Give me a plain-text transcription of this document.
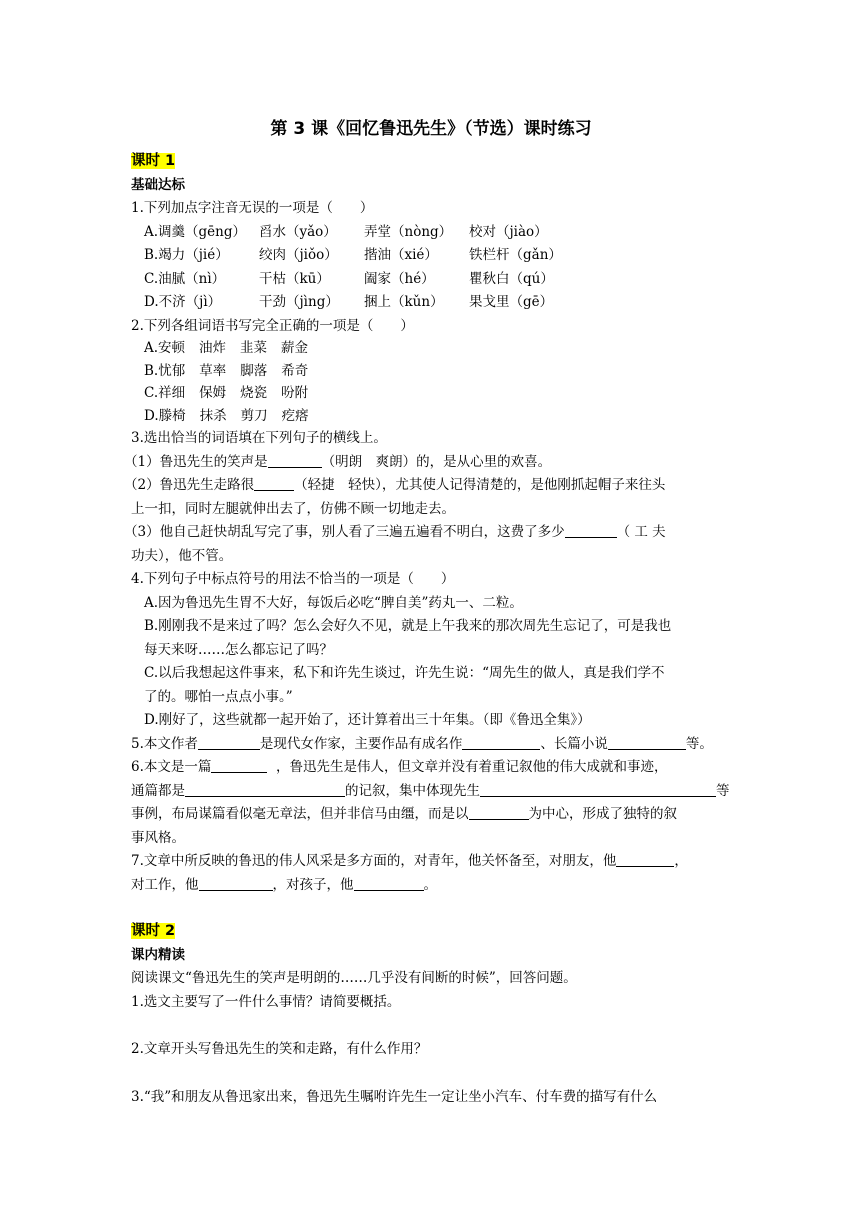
第 3 课《回忆鲁迅先生》（节选）课时练习
课时 1
基础达标
1.下列加点字注音无误的一项是（　　）
A.调羹（gēng） 舀水（yǎo） 弄堂（nòng） 校对（jiào）
B.竭力（jié） 绞肉（jiǒo） 揩油（xié） 铁栏杆（gǎn）
C.油腻（nì）	干枯（kū）	阖家（hé）	瞿秋白（qú）
D.不济（jì）	干劲（jìng） 捆上（kǔn） 果戈里（gē）
2.下列各组词语书写完全正确的一项是（　　）
A.安顿 油炸 韭菜 薪金
B.忧郁 草率 脚落 希奇
C.祥细 保姆 烧瓷 吩附
D.滕椅 抹杀 剪刀 疙瘩
3.选出恰当的词语填在下列句子的横线上。
（1）鲁迅先生的笑声是	（明朗　爽朗）的，是从心里的欢喜。
（2）鲁迅先生走路很	（轻捷　轻快），尤其使人记得清楚的，是他刚抓起帽子来往头
上一扣，同时左腿就伸出去了，仿佛不顾一切地走去。
（3）他自己赶快胡乱写完了事，别人看了三遍五遍看不明白，这费了多少	（ 工 夫
功夫），他不管。
4.下列句子中标点符号的用法不恰当的一项是（　　）
A.因为鲁迅先生胃不大好，每饭后必吃“脾自美”药丸一、二粒。
B.刚刚我不是来过了吗？怎么会好久不见，就是上午我来的那次周先生忘记了，可是我也
每天来呀……怎么都忘记了吗？
C.以后我想起这件事来，私下和许先生谈过，许先生说：“周先生的做人，真是我们学不
了的。哪怕一点点小事。”
D.刚好了，这些就都一起开始了，还计算着出三十年集。（即《鲁迅全集》）
5.本文作者	是现代女作家，主要作品有成名作	、长篇小说	等。
6.本文是一篇	，鲁迅先生是伟人，但文章并没有着重记叙他的伟大成就和事迹，
通篇都是	的记叙，集中体现先生	等
事例，布局谋篇看似毫无章法，但并非信马由缰，而是以	为中心，形成了独特的叙
事风格。
7.文章中所反映的鲁迅的伟人风采是多方面的，对青年，他关怀备至，对朋友，他	，
对工作，他	，对孩子，他	。
课时 2
课内精读
阅读课文“鲁迅先生的笑声是明朗的……几乎没有间断的时候”，回答问题。
1.选文主要写了一件什么事情？请简要概括。
2.文章开头写鲁迅先生的笑和走路，有什么作用？
3.“我”和朋友从鲁迅家出来，鲁迅先生嘱咐许先生一定让坐小汽车、付车费的描写有什么
